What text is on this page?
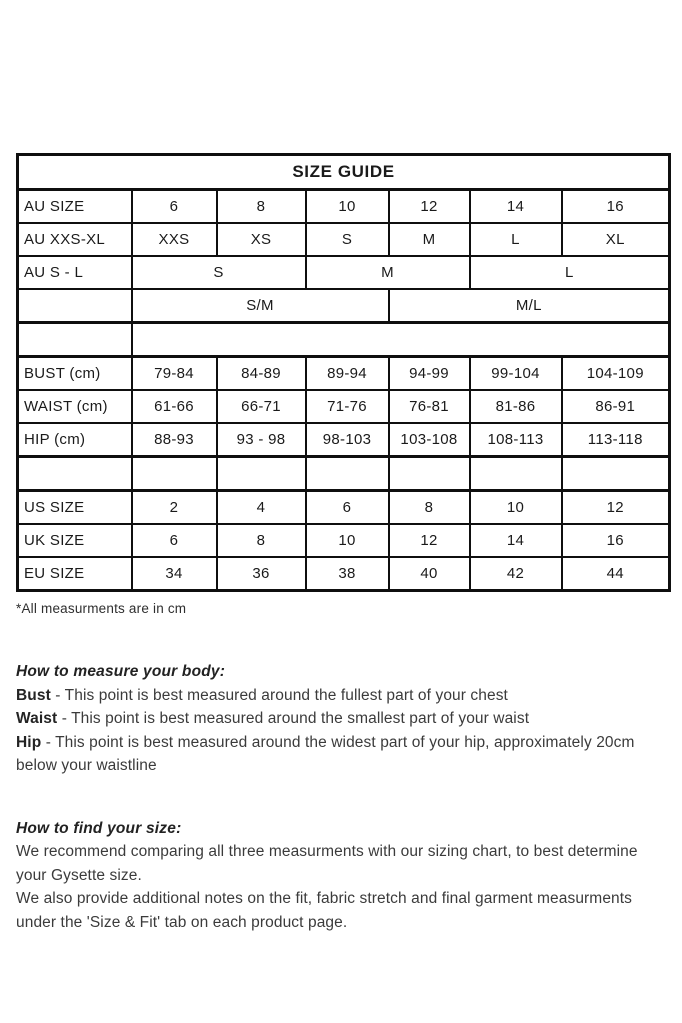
SIZE GUIDE						
AU SIZE	6	8	10	12	14	16
AU XXS-XL	XXS	XS	S	M	L	XL
AU S - L	S		M		L	
	S/M			M/L		

BUST (cm)	79-84	84-89	89-94	94-99	99-104	104-109
WAIST (cm)	61-66	66-71	71-76	76-81	81-86	86-91
HIP (cm)	88-93	93 - 98	98-103	103-108	108-113	113-118

US SIZE	2	4	6	8	10	12
UK SIZE	6	8	10	12	14	16
EU SIZE	34	36	38	40	42	44
*All measurments are in cm
How to measure your body:

Bust - This point is best measured around the fullest part of your chest

Waist - This point is best measured around the smallest part of your waist

Hip - This point is best measured around the widest part of your hip, approximately 20cm below your waistline

How to find your size:

We recommend comparing all three measurments with our sizing chart, to best determine your Gysette size.

We also provide additional notes on the fit, fabric stretch and final garment measurments under the 'Size & Fit' tab on each product page.
